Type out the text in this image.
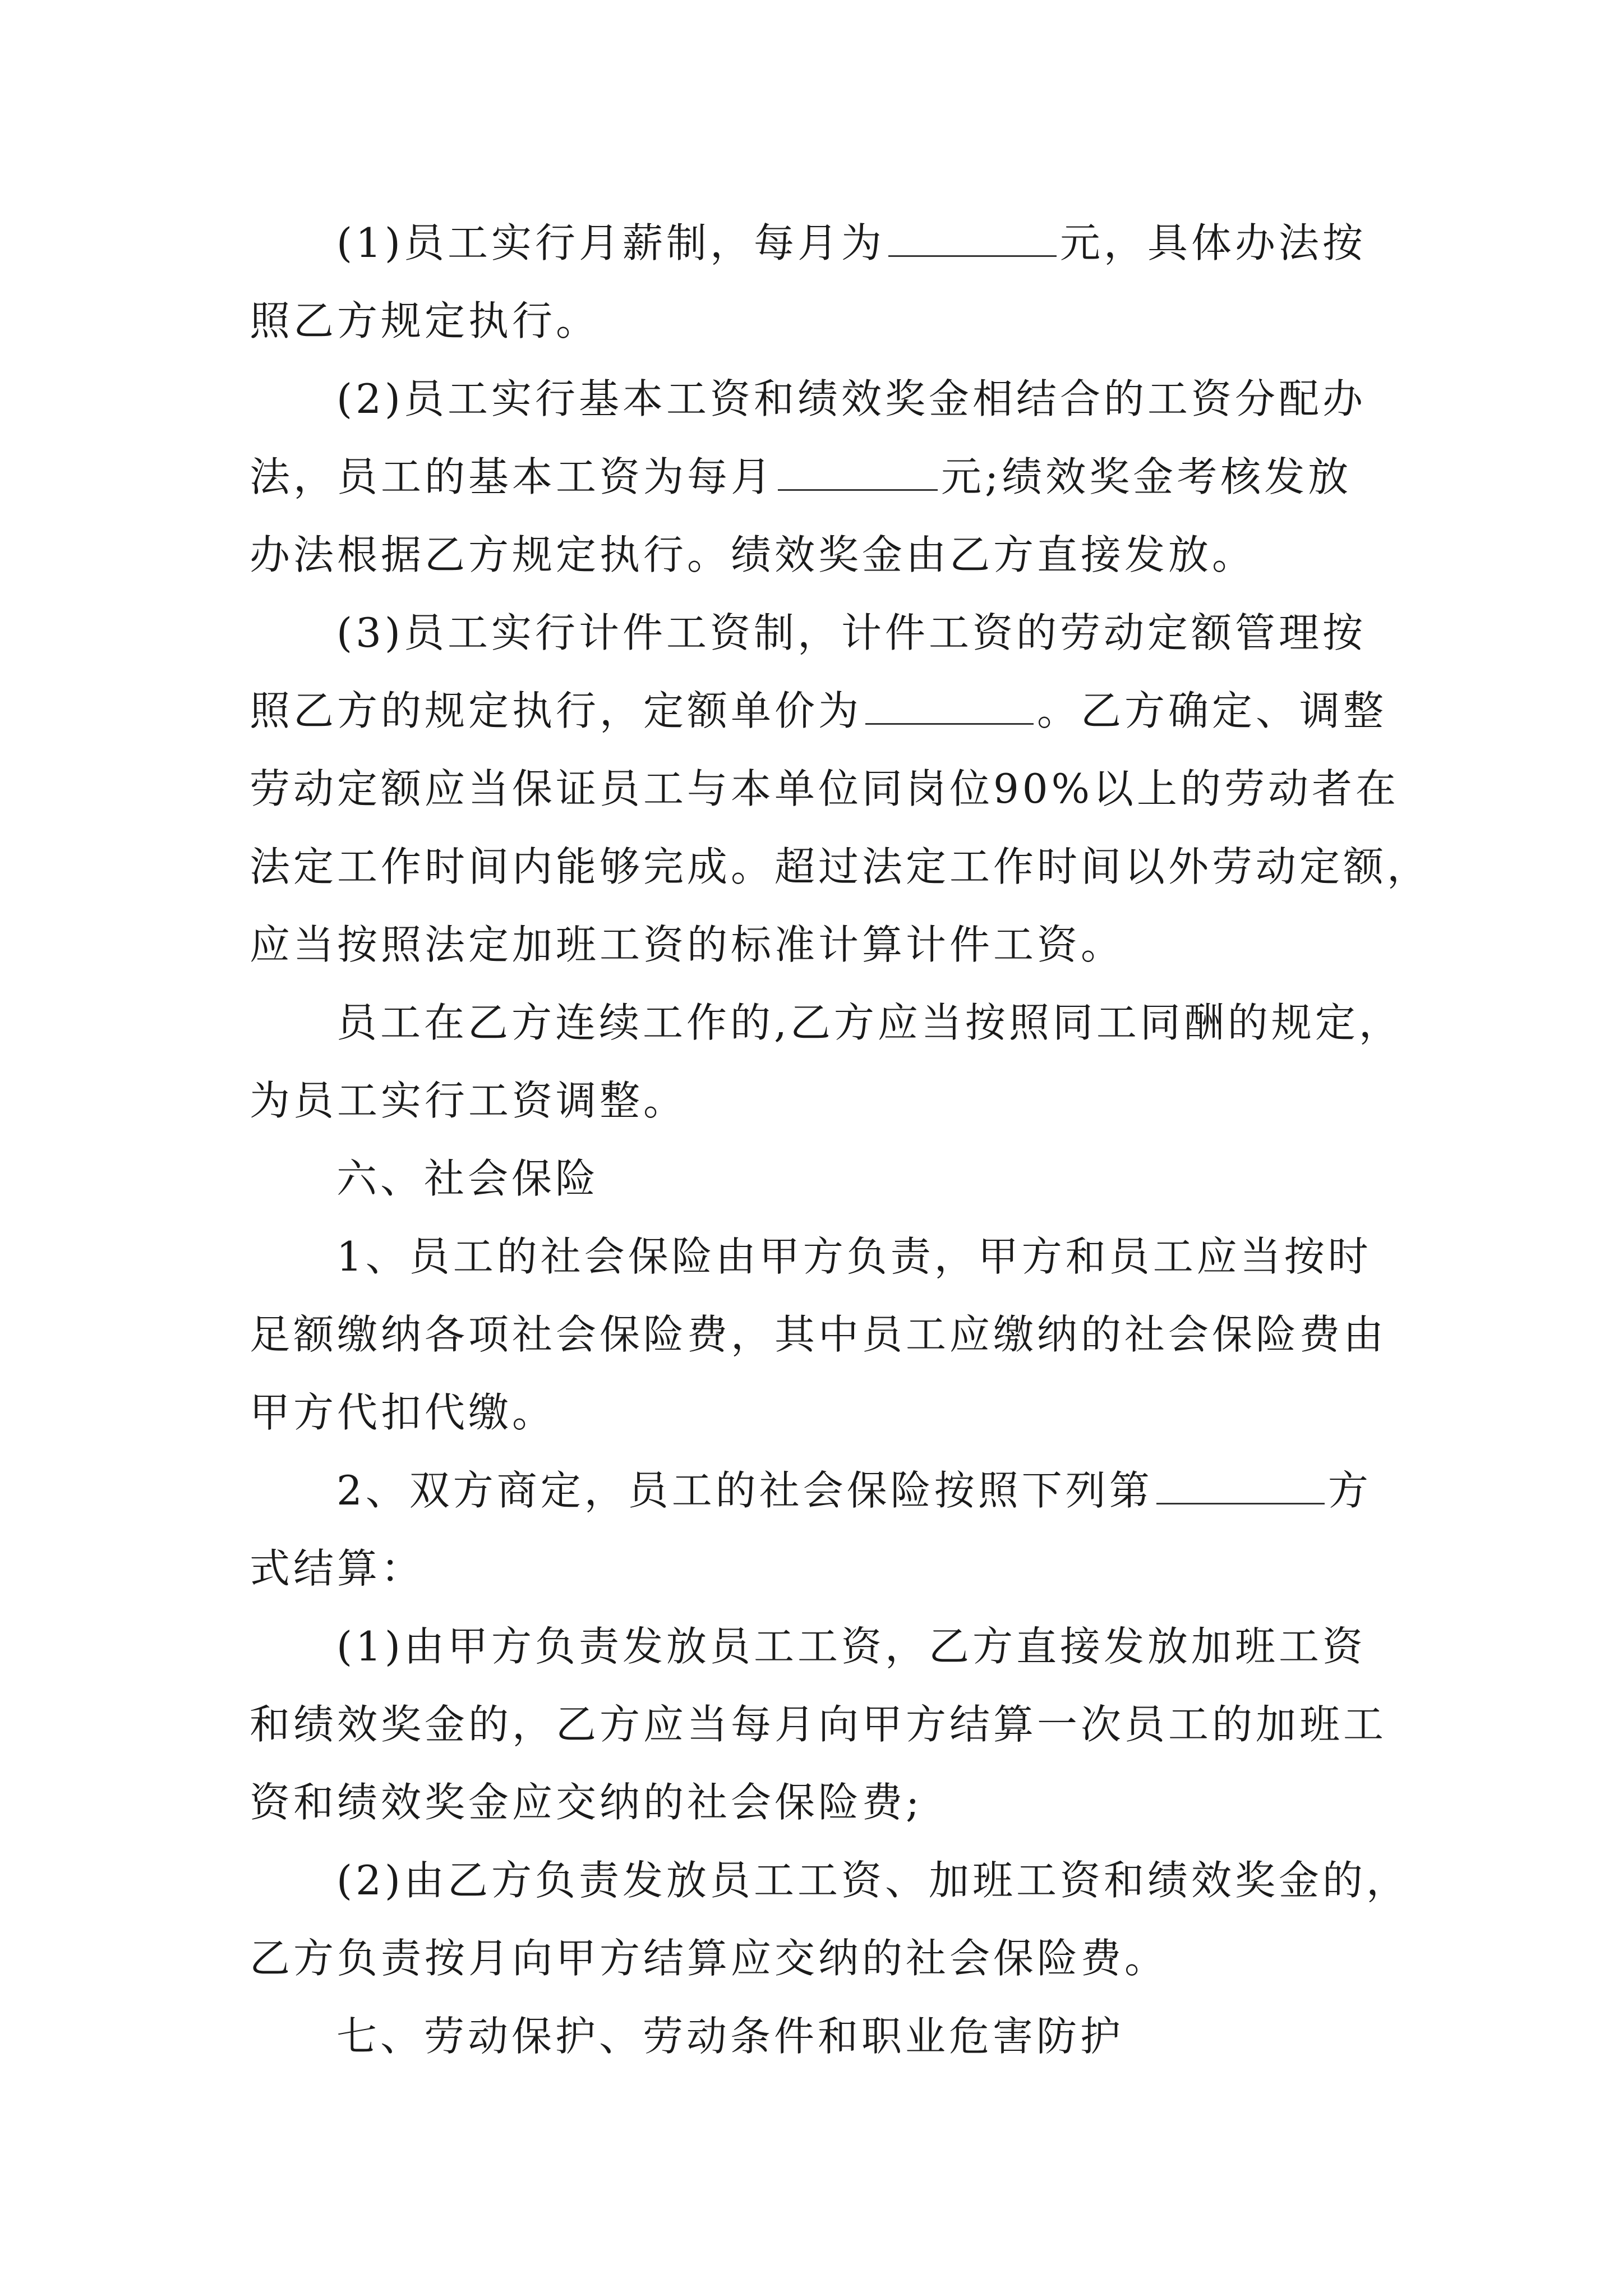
(1)员工实行月薪制，每月为	元，具体办法按
照乙方规定执行。
(2)员工实行基本工资和绩效奖金相结合的工资分配办
法，员工的基本工资为每月	元;绩效奖金考核发放
办法根据乙方规定执行。绩效奖金由乙方直接发放。
(3)员工实行计件工资制，计件工资的劳动定额管理按
照乙方的规定执行，定额单价为	。乙方确定、调整
劳动定额应当保证员工与本单位同岗位90%以上的劳动者在
法定工作时间内能够完成。超过法定工作时间以外劳动定额，
应当按照法定加班工资的标准计算计件工资。
员工在乙方连续工作的,乙方应当按照同工同酬的规定，
为员工实行工资调整。
六、社会保险
1、员工的社会保险由甲方负责，甲方和员工应当按时
足额缴纳各项社会保险费，其中员工应缴纳的社会保险费由
甲方代扣代缴。
2、双方商定，员工的社会保险按照下列第	方
式结算：
(1)由甲方负责发放员工工资，乙方直接发放加班工资
和绩效奖金的，乙方应当每月向甲方结算一次员工的加班工
资和绩效奖金应交纳的社会保险费;
(2)由乙方负责发放员工工资、加班工资和绩效奖金的，
乙方负责按月向甲方结算应交纳的社会保险费。
七、劳动保护、劳动条件和职业危害防护
